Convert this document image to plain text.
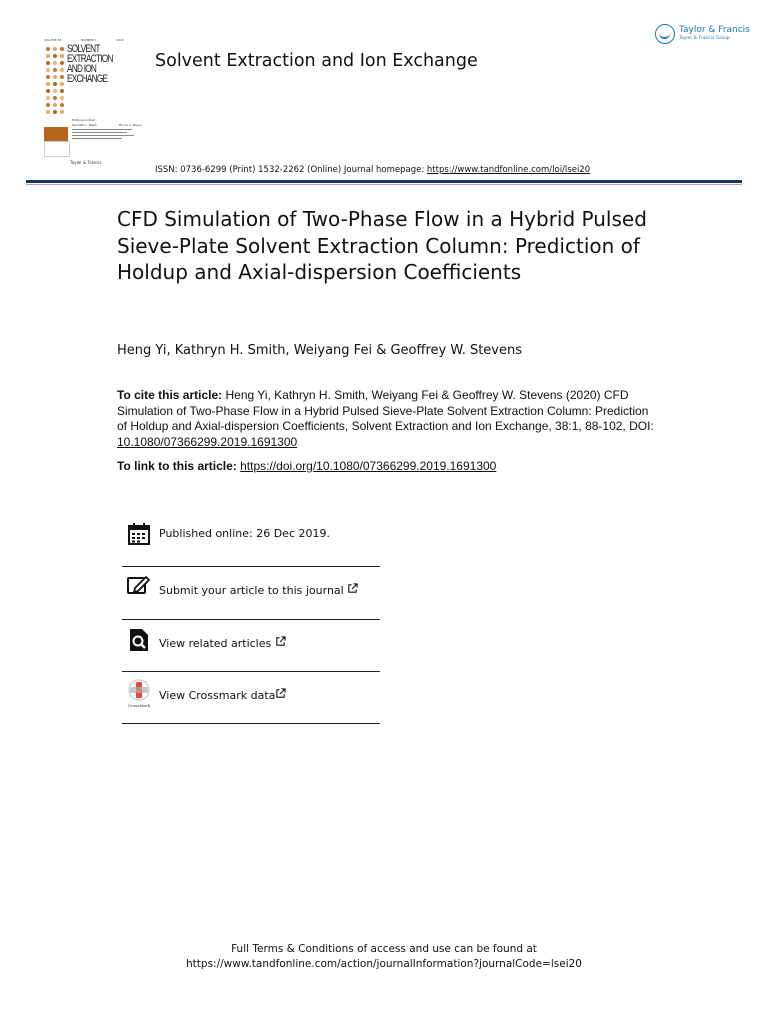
VOLUME 38	NUMBER 1	2020
SOLVENT
EXTRACTION
AND ION
EXCHANGE
Editors-in-Chief
Kenneth L. Nash	Bruce A. Moyer
Taylor & Francis
Solvent Extraction and Ion Exchange
Taylor & Francis
Taylor & Francis Group
ISSN: 0736-6299 (Print) 1532-2262 (Online) Journal homepage: https://www.tandfonline.com/loi/lsei20
CFD Simulation of Two-Phase Flow in a Hybrid Pulsed Sieve-Plate Solvent Extraction Column: Prediction of Holdup and Axial-dispersion Coefficients
Heng Yi, Kathryn H. Smith, Weiyang Fei & Geoffrey W. Stevens
To cite this article: Heng Yi, Kathryn H. Smith, Weiyang Fei & Geoffrey W. Stevens (2020) CFD Simulation of Two-Phase Flow in a Hybrid Pulsed Sieve-Plate Solvent Extraction Column: Prediction of Holdup and Axial-dispersion Coefficients, Solvent Extraction and Ion Exchange, 38:1, 88-102, DOI: 10.1080/07366299.2019.1691300
To link to this article: https://doi.org/10.1080/07366299.2019.1691300
Published online: 26 Dec 2019.
Submit your article to this journal
View related articles
CrossMark
View Crossmark data
Full Terms & Conditions of access and use can be found at
https://www.tandfonline.com/action/journalInformation?journalCode=lsei20
